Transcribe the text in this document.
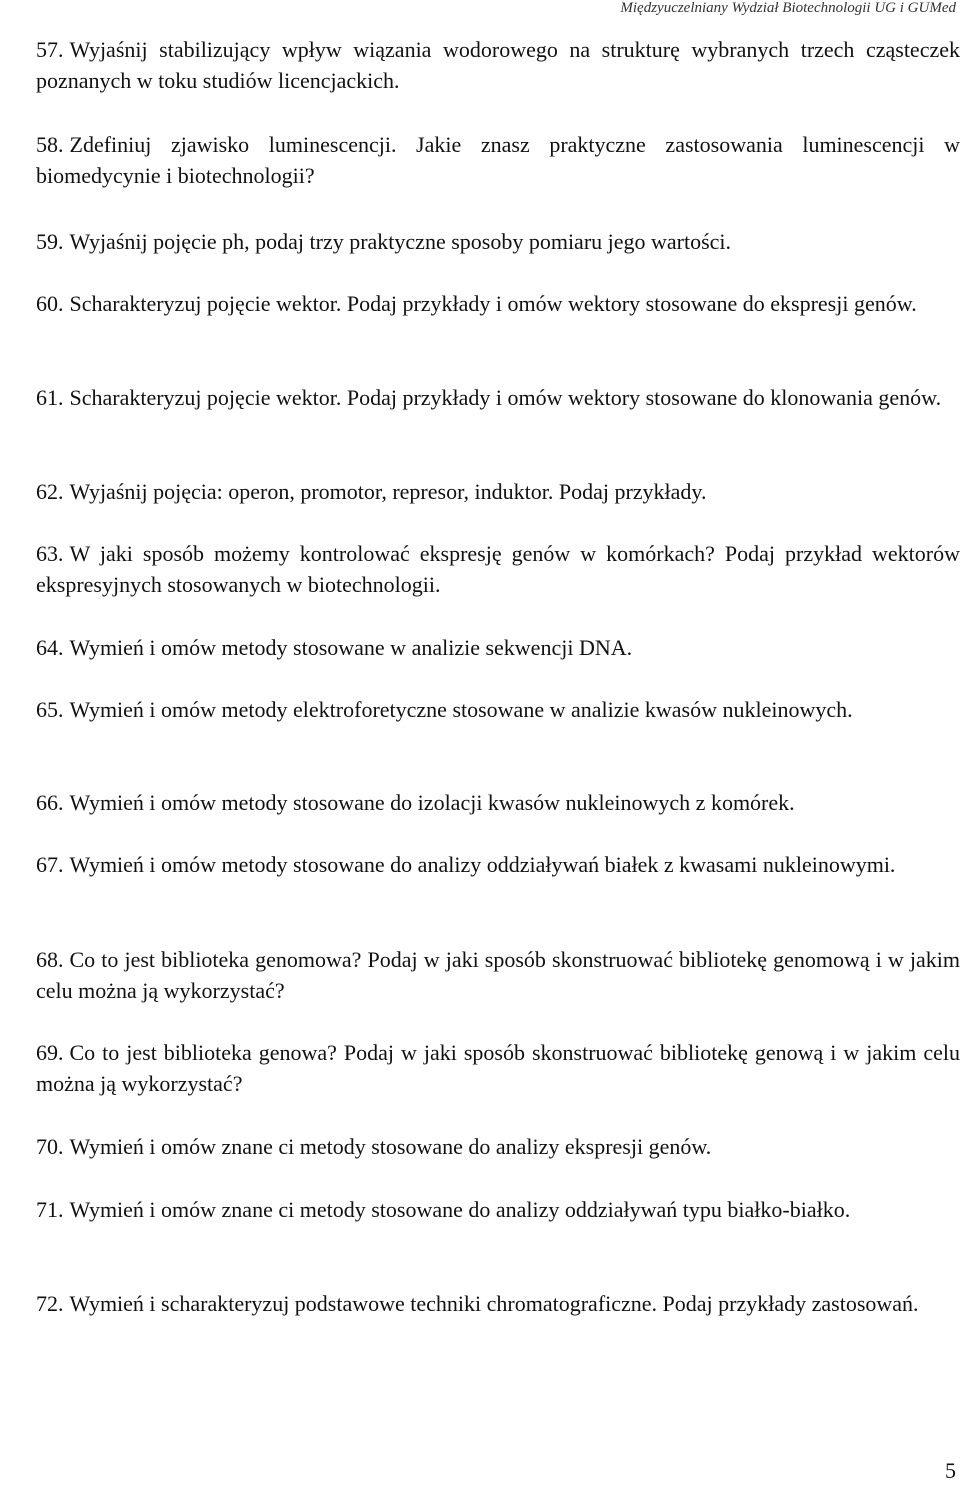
Międzyuczelniany Wydział Biotechnologii UG i GUMed
57. Wyjaśnij stabilizujący wpływ wiązania wodorowego na strukturę wybranych trzech cząsteczek poznanych w toku studiów licencjackich.
58. Zdefiniuj zjawisko luminescencji. Jakie znasz praktyczne zastosowania luminescencji w biomedycynie i biotechnologii?
59. Wyjaśnij pojęcie ph, podaj trzy praktyczne sposoby pomiaru jego wartości.
60. Scharakteryzuj pojęcie wektor. Podaj przykłady i omów wektory stosowane do ekspresji genów.
61. Scharakteryzuj pojęcie wektor. Podaj przykłady i omów wektory stosowane do klonowania genów.
62. Wyjaśnij pojęcia: operon, promotor, represor, induktor. Podaj przykłady.
63. W jaki sposób możemy kontrolować ekspresję genów w komórkach? Podaj przykład wektorów ekspresyjnych stosowanych w biotechnologii.
64. Wymień i omów metody stosowane w analizie sekwencji DNA.
65. Wymień i omów metody elektroforetyczne stosowane w analizie kwasów nukleinowych.
66. Wymień i omów metody stosowane do izolacji kwasów nukleinowych z komórek.
67. Wymień i omów metody stosowane do analizy oddziaływań białek z kwasami nukleinowymi.
68. Co to jest biblioteka genomowa? Podaj w jaki sposób skonstruować bibliotekę genomową i w jakim celu można ją wykorzystać?
69. Co to jest biblioteka genowa? Podaj w jaki sposób skonstruować bibliotekę genową i w jakim celu można ją wykorzystać?
70. Wymień i omów znane ci metody stosowane do analizy ekspresji genów.
71. Wymień i omów znane ci metody stosowane do analizy oddziaływań typu białko-białko.
72. Wymień i scharakteryzuj podstawowe techniki chromatograficzne. Podaj przykłady zastosowań.
5
